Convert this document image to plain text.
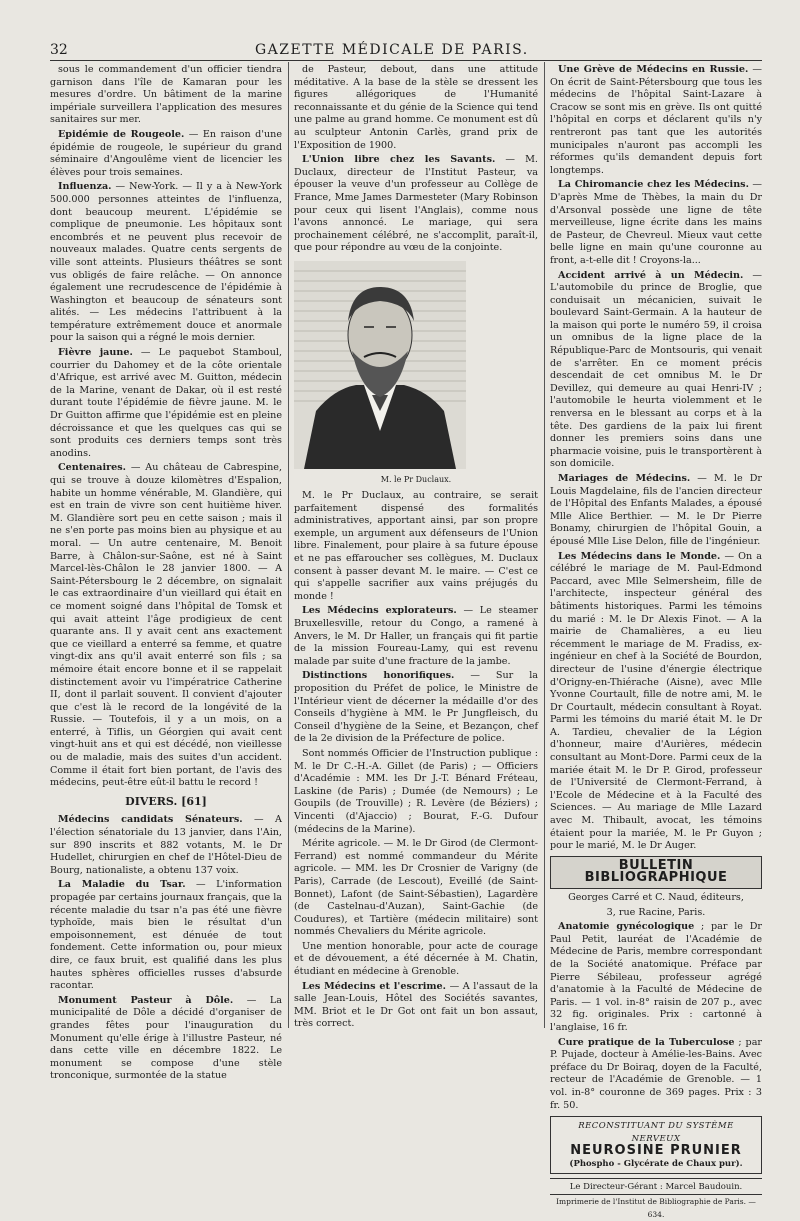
32	GAZETTE MÉDICALE DE PARIS.

sous le commandement d'un officier tiendra garnison dans l'île de Kamaran pour les mesures d'ordre. Un bâtiment de la marine impériale surveillera l'application des mesures sanitaires sur mer.

Epidémie de Rougeole. — En raison d'une épidémie de rougeole, le supérieur du grand séminaire d'Angoulême vient de licencier les élèves pour trois semaines.

Influenza. — New-York. — Il y a à New-York 500.000 personnes atteintes de l'influenza, dont beaucoup meurent. L'épidémie se complique de pneumonie. Les hôpitaux sont encombrés et ne peuvent plus recevoir de nouveaux malades. Quatre cents sergents de ville sont atteints. Plusieurs théâtres se sont vus obligés de faire relâche. — On annonce également une recrudescence de l'épidémie à Washington et beaucoup de sénateurs sont alités. — Les médecins l'attribuent à la température extrêmement douce et anormale pour la saison qui a régné le mois dernier.

Fièvre jaune. — Le paquebot Stamboul, courrier du Dahomey et de la côte orientale d'Afrique, est arrivé avec M. Guitton, médecin de la Marine, venant de Dakar, où il est resté durant toute l'épidémie de fièvre jaune. M. le Dr Guitton affirme que l'épidémie est en pleine décroissance et que les quelques cas qui se sont produits ces derniers temps sont très anodins.

Centenaires. — Au château de Cabrespine, qui se trouve à douze kilomètres d'Espalion, habite un homme vénérable, M. Glandière, qui est en train de vivre son cent huitième hiver. M. Glandière sort peu en cette saison ; mais il ne s'en porte pas moins bien au physique et au moral. — Un autre centenaire, M. Benoit Barre, à Châlon-sur-Saône, est né à Saint Marcel-lès-Châlon le 28 janvier 1800. — A Saint-Pétersbourg le 2 décembre, on signalait le cas extraordinaire d'un vieillard qui était en ce moment soigné dans l'hôpital de Tomsk et qui avait atteint l'âge prodigieux de cent quarante ans. Il y avait cent ans exactement que ce vieillard a enterré sa femme, et quatre vingt-dix ans qu'il avait enterré son fils ; sa mémoire était encore bonne et il se rappelait distinctement avoir vu l'impératrice Catherine II, dont il parlait souvent. Il convient d'ajouter que c'est là le record de la longévité de la Russie. — Toutefois, il y a un mois, on a enterré, à Tiflis, un Géorgien qui avait cent vingt-huit ans et qui est décédé, non vieillesse ou de maladie, mais des suites d'un accident. Comme il était fort bien portant, de l'avis des médecins, peut-être eût-il battu le record !

DIVERS. [61]

Médecins candidats Sénateurs. — A l'élection sénatoriale du 13 janvier, dans l'Ain, sur 890 inscrits et 882 votants, M. le Dr Hudellet, chirurgien en chef de l'Hôtel-Dieu de Bourg, nationaliste, a obtenu 137 voix.

La Maladie du Tsar. — L'information propagée par certains journaux français, que la récente maladie du tsar n'a pas été une fièvre typhoïde, mais bien le résultat d'un empoisonnement, est dénuée de tout fondement. Cette information ou, pour mieux dire, ce faux bruit, est qualifié dans les plus hautes sphères officielles russes d'absurde racontar.

Monument Pasteur à Dôle. — La municipalité de Dôle a décidé d'organiser de grandes fêtes pour l'inauguration du Monument qu'elle érige à l'illustre Pasteur, né dans cette ville en décembre 1822. Le monument se compose d'une stèle tronconique, surmontée de la statue

de Pasteur, debout, dans une attitude méditative. A la base de la stèle se dressent les figures allégoriques de l'Humanité reconnaissante et du génie de la Science qui tend une palme au grand homme. Ce monument est dû au sculpteur Antonin Carlès, grand prix de l'Exposition de 1900.

L'Union libre chez les Savants. — M. Duclaux, directeur de l'Institut Pasteur, va épouser la veuve d'un professeur au Collège de France, Mme James Darmesteter (Mary Robinson pour ceux qui lisent l'Anglais), comme nous l'avons annoncé. Le mariage, qui sera prochainement célébré, ne s'accomplit, paraît-il, que pour répondre au vœu de la conjointe.

M. le Pr Duclaux.

M. le Pr Duclaux, au contraire, se serait parfaitement dispensé des formalités administratives, apportant ainsi, par son propre exemple, un argument aux défenseurs de l'Union libre. Finalement, pour plaire à sa future épouse et ne pas effaroucher ses collègues, M. Duclaux consent à passer devant M. le maire. — C'est ce qui s'appelle sacrifier aux vains préjugés du monde !

Les Médecins explorateurs. — Le steamer Bruxellesville, retour du Congo, a ramené à Anvers, le M. Dr Haller, un français qui fit partie de la mission Foureau-Lamy, qui est revenu malade par suite d'une fracture de la jambe.

Distinctions honorifiques. — Sur la proposition du Préfet de police, le Ministre de l'Intérieur vient de décerner la médaille d'or des Conseils d'hygiène à MM. le Pr Jungfleisch, du Conseil d'hygiène de la Seine, et Bezançon, chef de la 2e division de la Préfecture de police.

Sont nommés Officier de l'Instruction publique : M. le Dr C.-H.-A. Gillet (de Paris) ; — Officiers d'Académie : MM. les Dr J.-T. Bénard Fréteau, Laskine (de Paris) ; Dumée (de Nemours) ; Le Goupils (de Trouville) ; R. Levère (de Béziers) ; Vincenti (d'Ajaccio) ; Bourat, F.-G. Dufour (médecins de la Marine).

Mérite agricole. — M. le Dr Girod (de Clermont-Ferrand) est nommé commandeur du Mérite agricole. — MM. les Dr Crosnier de Varigny (de Paris), Carrade (de Lescout), Eveillé (de Saint-Bonnet), Lafont (de Saint-Sébastien), Lagardère (de Castelnau-d'Auzan), Saint-Gachie (de Coudures), et Tartière (médecin militaire) sont nommés Chevaliers du Mérite agricole.

Une mention honorable, pour acte de courage et de dévouement, a été décernée à M. Chatin, étudiant en médecine à Grenoble.

Les Médecins et l'escrime. — A l'assaut de la salle Jean-Louis, Hôtel des Sociétés savantes, MM. Briot et le Dr Got ont fait un bon assaut, très correct.

Une Grève de Médecins en Russie. — On écrit de Saint-Pétersbourg que tous les médecins de l'hôpital Saint-Lazare à Cracow se sont mis en grève. Ils ont quitté l'hôpital en corps et déclarent qu'ils n'y rentreront pas tant que les autorités municipales n'auront pas accompli les réformes qu'ils demandent depuis fort longtemps.

La Chiromancie chez les Médecins. — D'après Mme de Thèbes, la main du Dr d'Arsonval possède une ligne de tête merveilleuse, ligne écrite dans les mains de Pasteur, de Chevreul. Mieux vaut cette belle ligne en main qu'une couronne au front, a-t-elle dit ! Croyons-la...

Accident arrivé à un Médecin. — L'automobile du prince de Broglie, que conduisait un mécanicien, suivait le boulevard Saint-Germain. A la hauteur de la maison qui porte le numéro 59, il croisa un omnibus de la ligne place de la République-Parc de Montsouris, qui venait de s'arrêter. En ce moment précis descendait de cet omnibus M. le Dr Devillez, qui demeure au quai Henri-IV ; l'automobile le heurta violemment et le renversa en le blessant au corps et à la tête. Des gardiens de la paix lui firent donner les premiers soins dans une pharmacie voisine, puis le transportèrent à son domicile.

Mariages de Médecins. — M. le Dr Louis Magdelaine, fils de l'ancien directeur de l'Hôpital des Enfants Malades, a épousé Mlle Alice Berthier. — M. le Dr Pierre Bonamy, chirurgien de l'hôpital Gouin, a épousé Mlle Lise Delon, fille de l'ingénieur.

Les Médecins dans le Monde. — On a célébré le mariage de M. Paul-Edmond Paccard, avec Mlle Selmersheim, fille de l'architecte, inspecteur général des bâtiments historiques. Parmi les témoins du marié : M. le Dr Alexis Finot. — A la mairie de Chamalières, a eu lieu récemment le mariage de M. Fradiss, ex-ingénieur en chef à la Société de Bourdon, directeur de l'usine d'énergie électrique d'Origny-en-Thiérache (Aisne), avec Mlle Yvonne Courtault, fille de notre ami, M. le Dr Courtault, médecin consultant à Royat. Parmi les témoins du marié était M. le Dr A. Tardieu, chevalier de la Légion d'honneur, maire d'Aurières, médecin consultant au Mont-Dore. Parmi ceux de la mariée était M. le Dr P. Girod, professeur de l'Université de Clermont-Ferrand, à l'Ecole de Médecine et à la Faculté des Sciences. — Au mariage de Mlle Lazard avec M. Thibault, avocat, les témoins étaient pour la mariée, M. le Pr Guyon ; pour le marié, M. le Dr Auger.

BULLETIN BIBLIOGRAPHIQUE

Georges Carré et C. Naud, éditeurs,

3, rue Racine, Paris.

Anatomie gynécologique ; par le Dr Paul Petit, lauréat de l'Académie de Médecine de Paris, membre correspondant de la Société anatomique. Préface par Pierre Sébileau, professeur agrégé d'anatomie à la Faculté de Médecine de Paris. — 1 vol. in-8° raisin de 207 p., avec 32 fig. originales. Prix : cartonné à l'anglaise, 16 fr.

Cure pratique de la Tuberculose ; par P. Pujade, docteur à Amélie-les-Bains. Avec préface du Dr Boiraq, doyen de la Faculté, recteur de l'Académie de Grenoble. — 1 vol. in-8° couronne de 369 pages. Prix : 3 fr. 50.

RECONSTITUANT DU SYSTÈME NERVEUX
NEUROSINE PRUNIER
(Phospho - Glycérate de Chaux pur).
Le Directeur-Gérant : Marcel Baudouin.
Imprimerie de l'Institut de Bibliographie de Paris. — 634.
